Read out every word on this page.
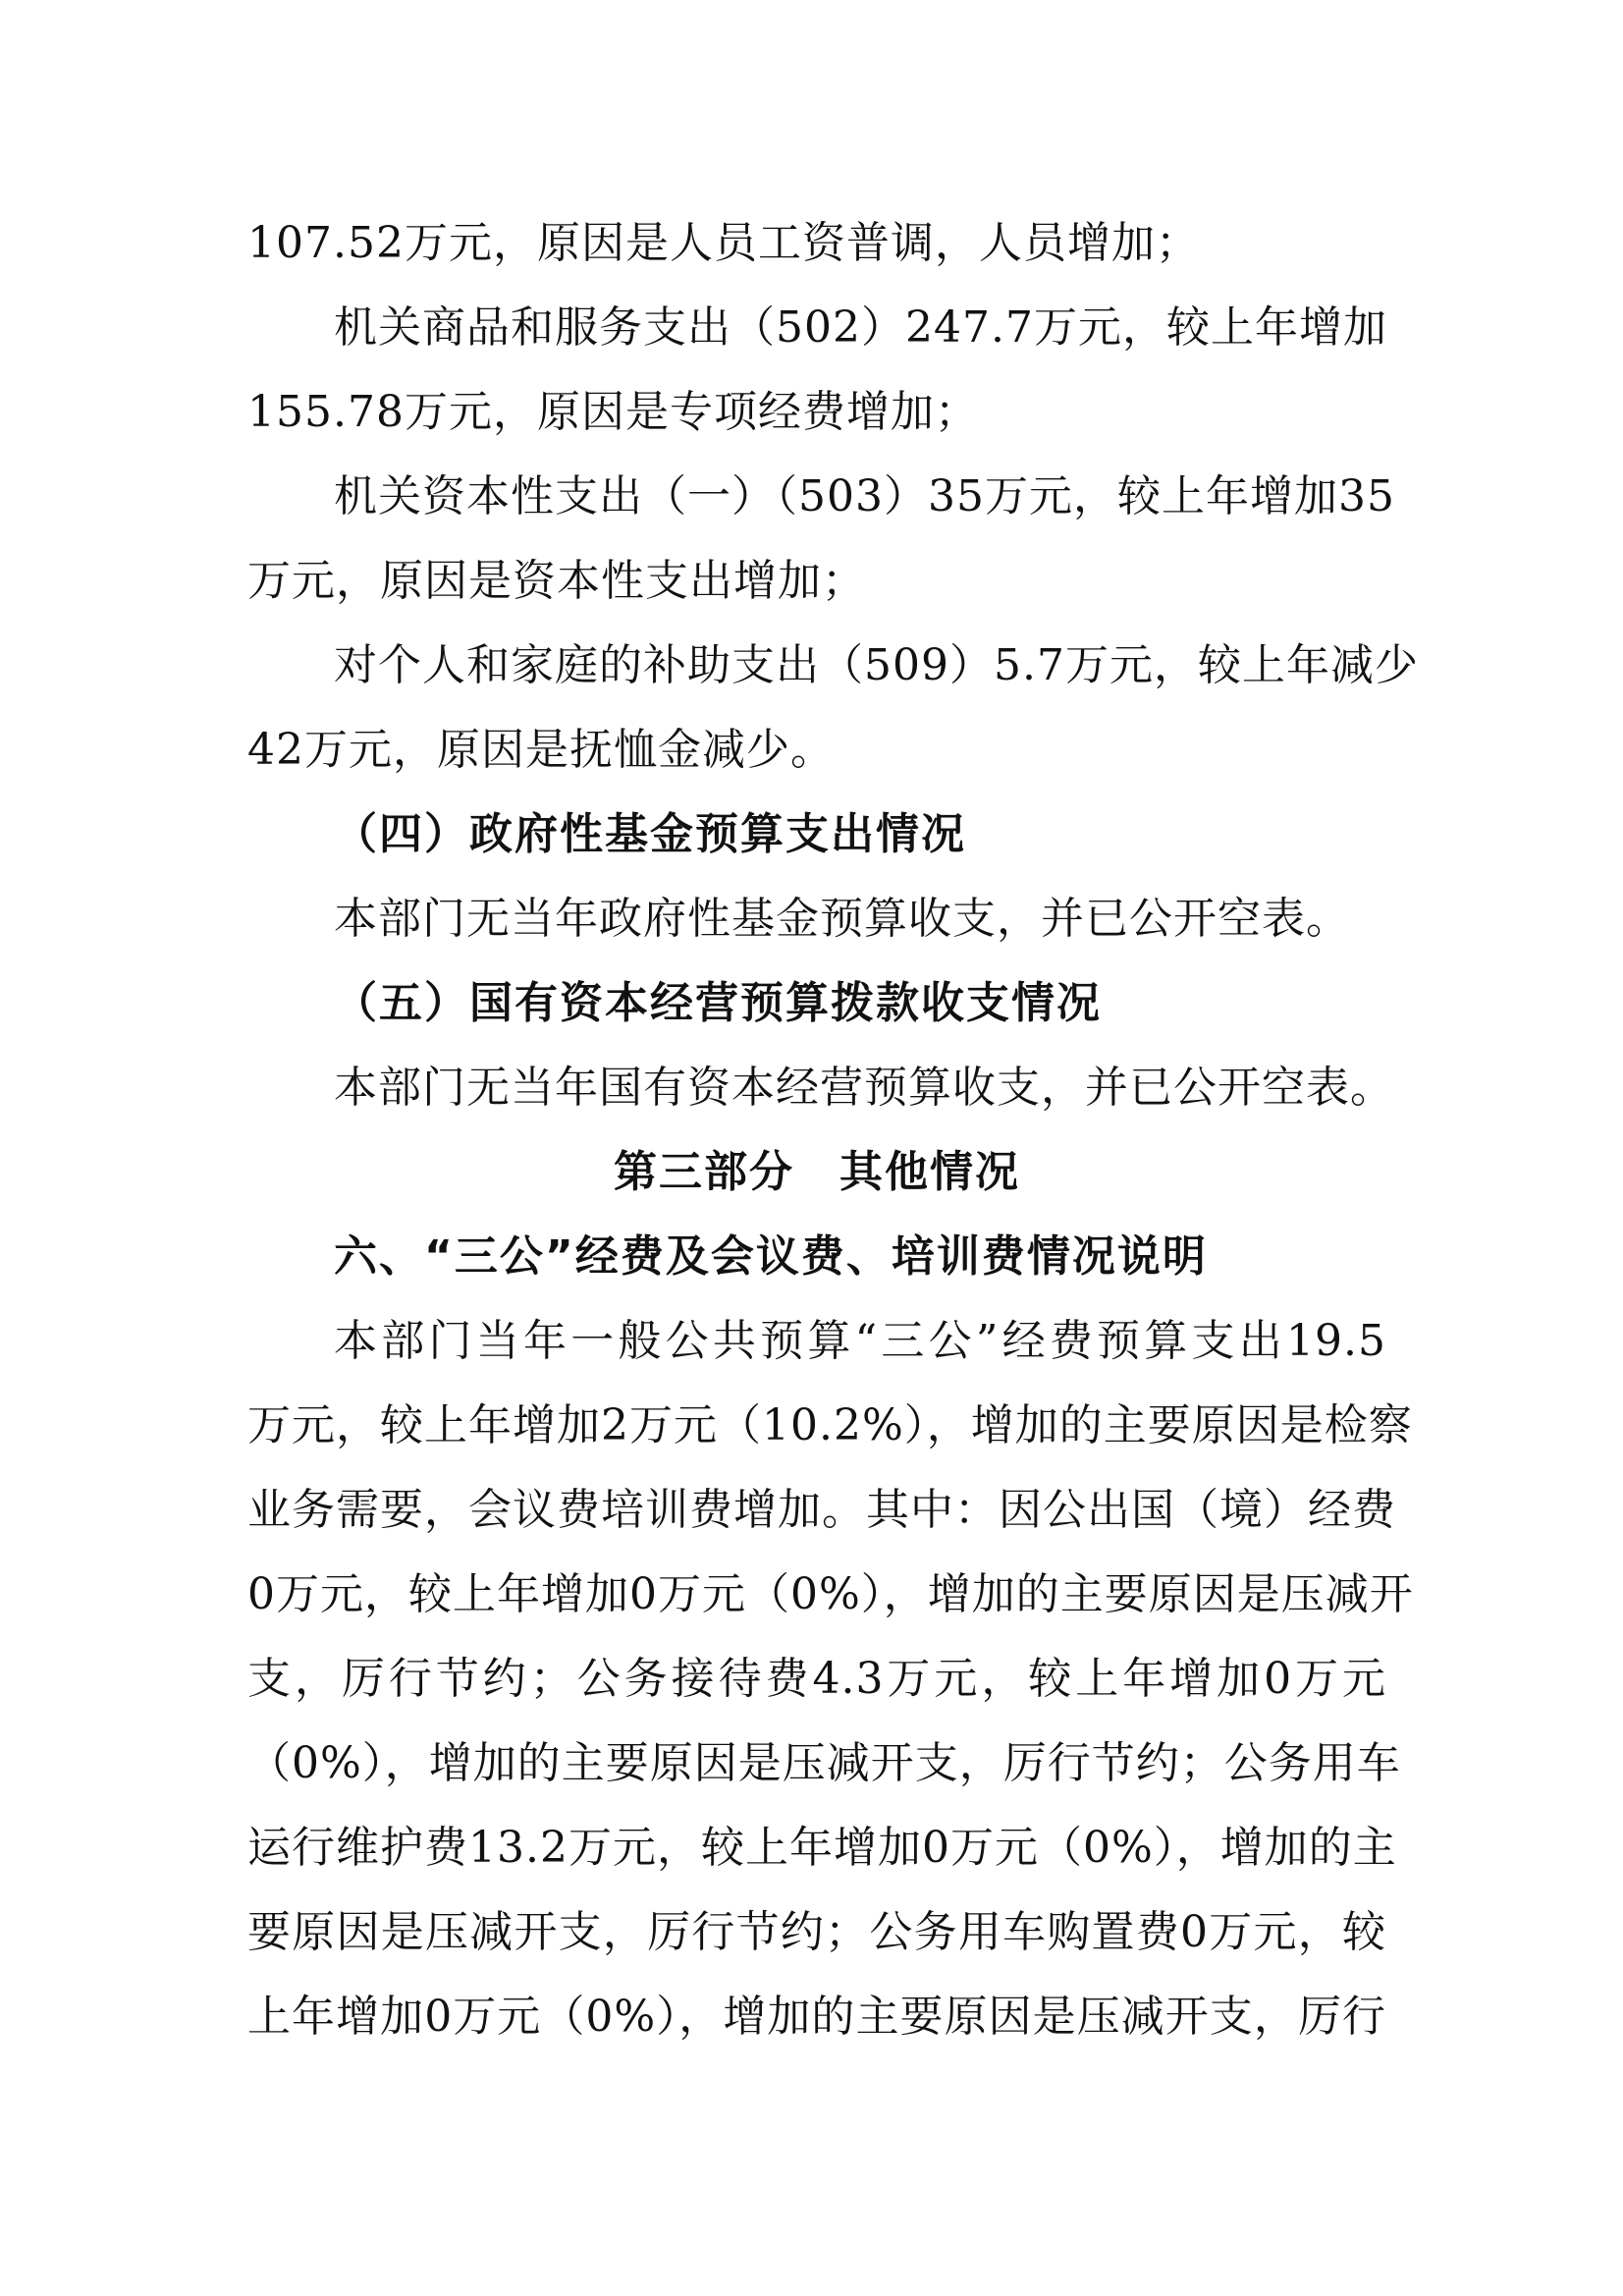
107.52万元，原因是人员工资普调，人员增加；
机关商品和服务支出（502）247.7万元，较上年增加
155.78万元，原因是专项经费增加；
机关资本性支出（一）（503）35万元，较上年增加35
万元，原因是资本性支出增加；
对个人和家庭的补助支出（509）5.7万元，较上年减少
42万元，原因是抚恤金减少。
（四）政府性基金预算支出情况
本部门无当年政府性基金预算收支，并已公开空表。
（五）国有资本经营预算拨款收支情况
本部门无当年国有资本经营预算收支，并已公开空表。
第三部分　其他情况
六、“三公”经费及会议费、培训费情况说明
本部门当年一般公共预算“三公”经费预算支出19.5
万元，较上年增加2万元（10.2%），增加的主要原因是检察
业务需要，会议费培训费增加。其中：因公出国（境）经费
0万元，较上年增加0万元（0%），增加的主要原因是压减开
支，厉行节约；公务接待费4.3万元，较上年增加0万元
（0%），增加的主要原因是压减开支，厉行节约；公务用车
运行维护费13.2万元，较上年增加0万元（0%），增加的主
要原因是压减开支，厉行节约；公务用车购置费0万元，较
上年增加0万元（0%），增加的主要原因是压减开支，厉行
